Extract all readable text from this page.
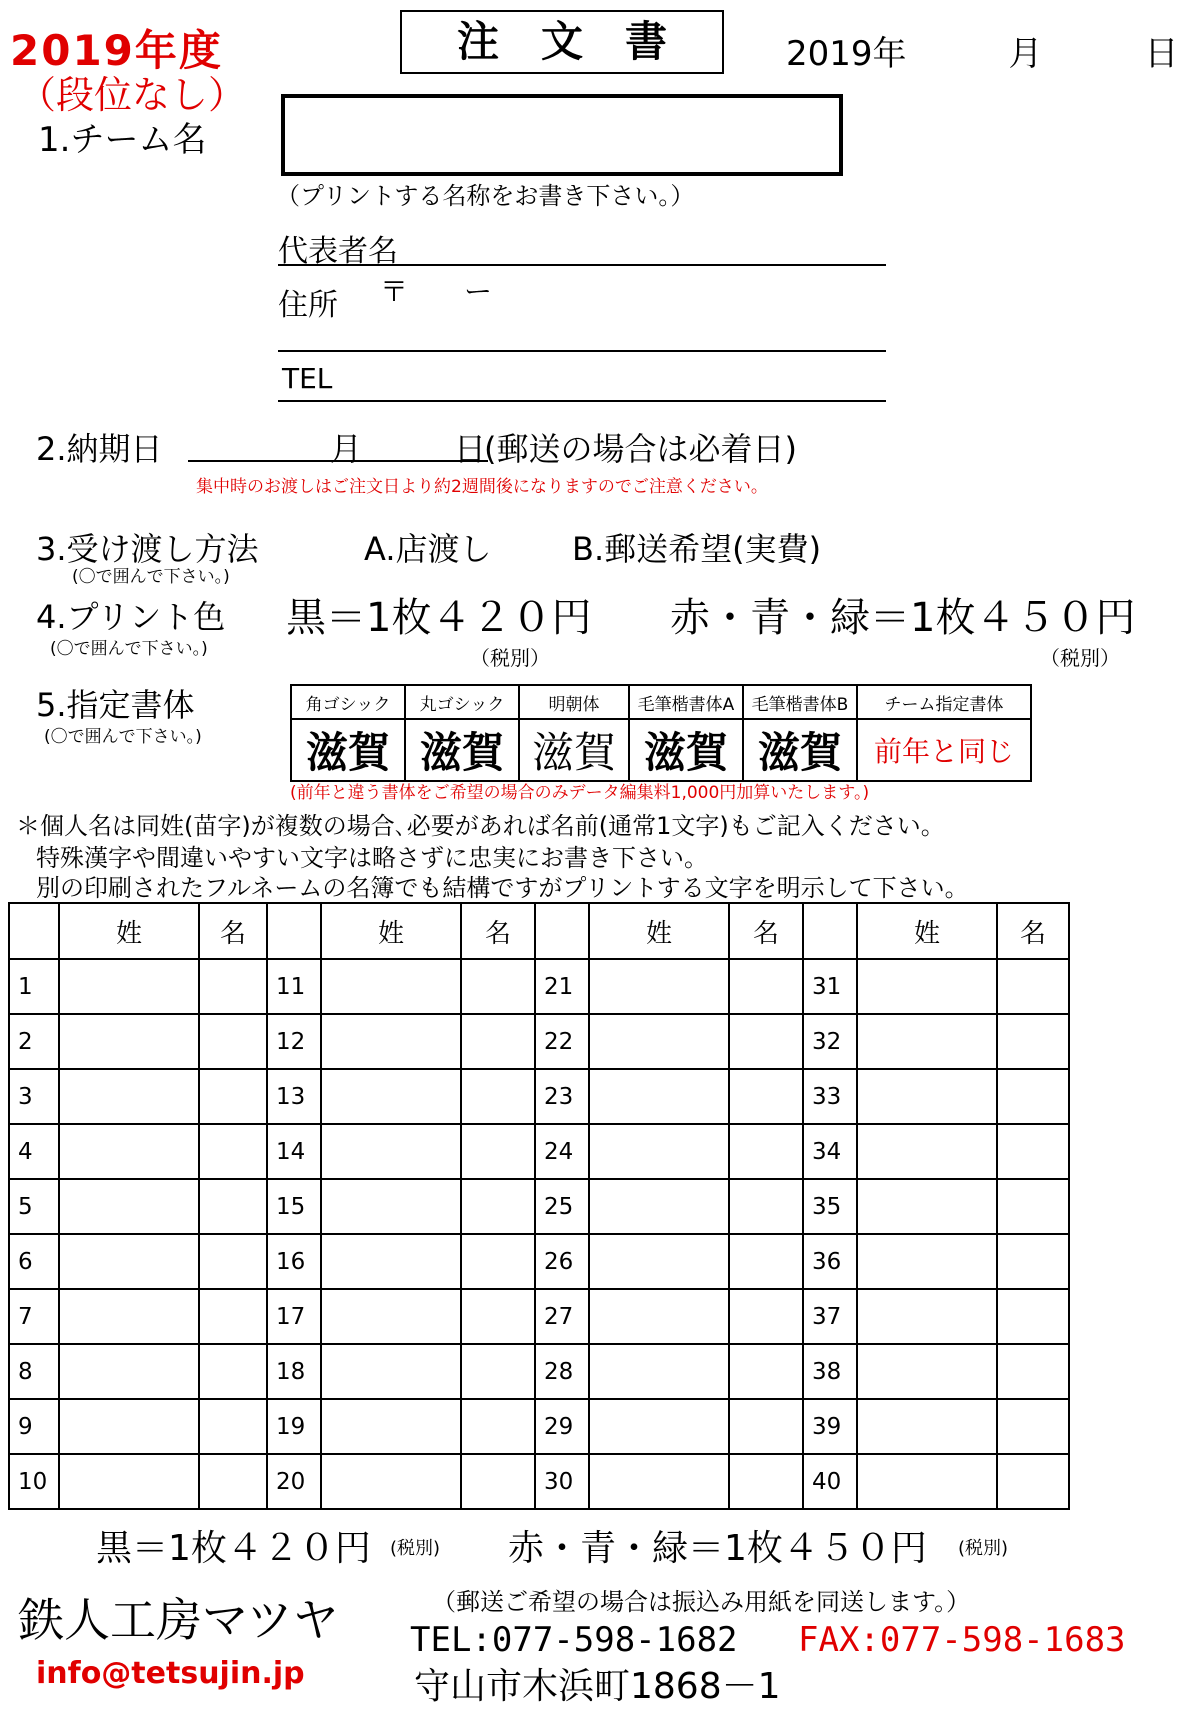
2019年度
（段位なし）
注　文　書	2019年　　　月　　　日
1.チーム名
（プリントする名称をお書き下さい。）
代表者名
住所 〒　　ー
TEL
2.納期日	月	日
(郵送の場合は必着日)
集中時のお渡しはご注文日より約2週間後になりますのでご注意ください。
3.受け渡し方法	A.店渡し	B.郵送希望(実費)
(〇で囲んで下さい。)
4.プリント色
(〇で囲んで下さい。)
黒＝1枚４２０円 赤・青・緑＝1枚４５０円
（税別）	（税別）
5.指定書体
(〇で囲んで下さい。)
角ゴシック	丸ゴシック	明朝体	毛筆楷書体A	毛筆楷書体B	チーム指定書体
滋賀	滋賀	滋賀	滋賀	滋賀	前年と同じ
(前年と違う書体をご希望の場合のみデータ編集料1,000円加算いたします。)
＊個人名は同姓(苗字)が複数の場合､必要があれば名前(通常1文字)もご記入ください。
特殊漢字や間違いやすい文字は略さずに忠実にお書き下さい。
別の印刷されたフルネームの名簿でも結構ですがプリントする文字を明示して下さい。
	姓	名		姓	名		姓	名		姓	名
1			11			21			31		
2			12			22			32		
3			13			23			33		
4			14			24			34		
5			15			25			35		
6			16			26			36		
7			17			27			37		
8			18			28			38		
9			19			29			39		
10			20			30			40		
黒＝1枚４２０円 (税別) 赤・青・緑＝1枚４５０円 (税別)
鉄人工房マツヤ	（郵送ご希望の場合は振込み用紙を同送します。）
info@tetsujin.jp
TEL:077-598-1682 FAX:077-598-1683
守山市木浜町1868－1
